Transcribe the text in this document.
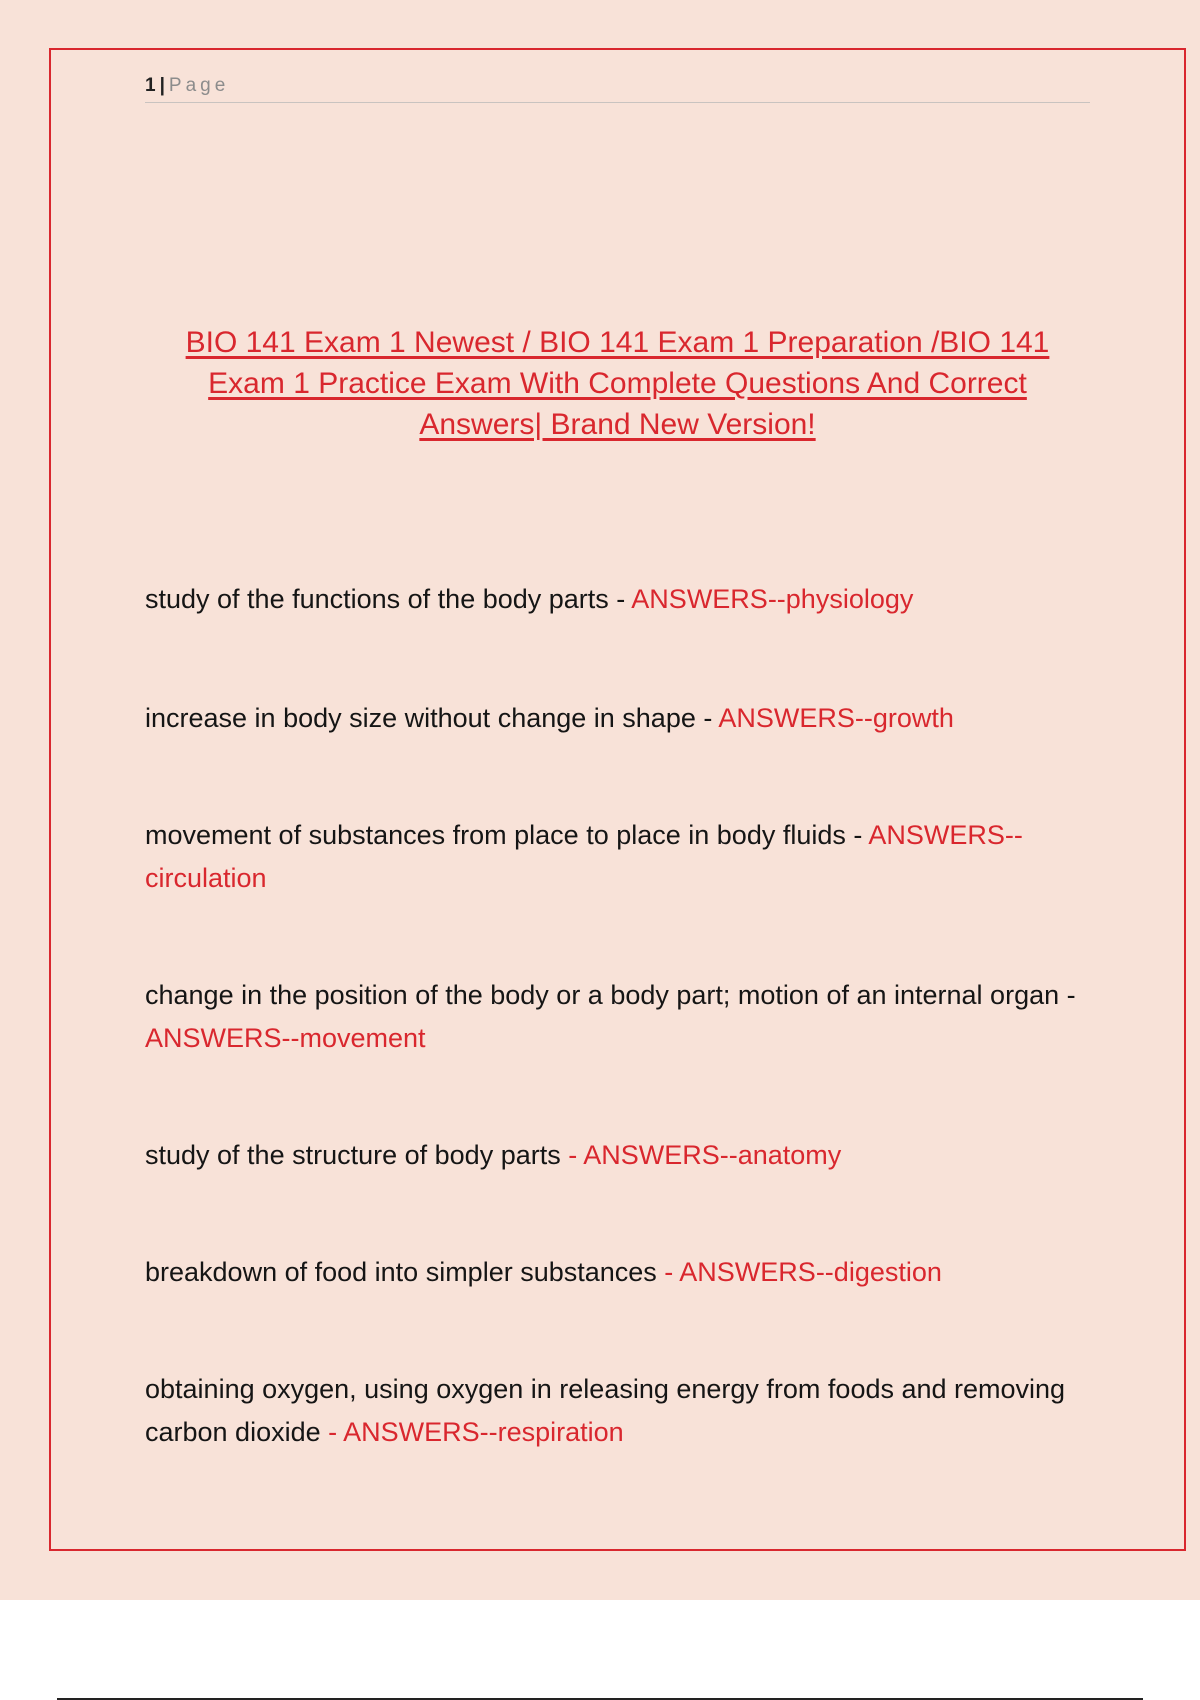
1 | Page
BIO 141 Exam 1 Newest / BIO 141 Exam 1 Preparation /BIO 141 Exam 1 Practice Exam With Complete Questions And Correct Answers| Brand New Version!

study of the functions of the body parts - ANSWERS--physiology

increase in body size without change in shape - ANSWERS--growth

movement of substances from place to place in body fluids - ANSWERS--circulation

change in the position of the body or a body part; motion of an internal organ - ANSWERS--movement

study of the structure of body parts - ANSWERS--anatomy

breakdown of food into simpler substances - ANSWERS--digestion

obtaining oxygen, using oxygen in releasing energy from foods and removing carbon dioxide - ANSWERS--respiration
